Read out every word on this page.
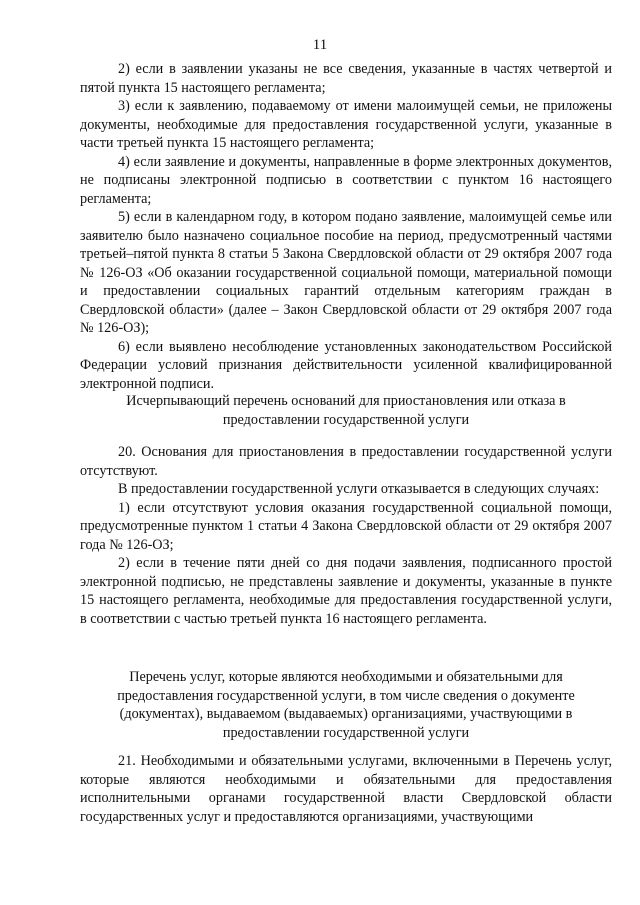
11

2) если в заявлении указаны не все сведения, указанные в частях четвертой и пятой пункта 15 настоящего регламента;

3) если к заявлению, подаваемому от имени малоимущей семьи, не приложены документы, необходимые для предоставления государственной услуги, указанные в части третьей пункта 15 настоящего регламента;

4) если заявление и документы, направленные в форме электронных документов, не подписаны электронной подписью в соответствии с пунктом 16 настоящего регламента;

5) если в календарном году, в котором подано заявление, малоимущей семье или заявителю было назначено социальное пособие на период, предусмотренный частями третьей–пятой пункта 8 статьи 5 Закона Свердловской области от 29 октября 2007 года № 126-ОЗ «Об оказании государственной социальной помощи, материальной помощи и предоставлении социальных гарантий отдельным категориям граждан в Свердловской области» (далее – Закон Свердловской области от 29 октября 2007 года № 126-ОЗ);

6) если выявлено несоблюдение установленных законодательством Российской Федерации условий признания действительности усиленной квалифицированной электронной подписи.

Исчерпывающий перечень оснований для приостановления или отказа в предоставлении государственной услуги

20. Основания для приостановления в предоставлении государственной услуги отсутствуют.

В предоставлении государственной услуги отказывается в следующих случаях:

1) если отсутствуют условия оказания государственной социальной помощи, предусмотренные пунктом 1 статьи 4 Закона Свердловской области от 29 октября 2007 года № 126-ОЗ;

2) если в течение пяти дней со дня подачи заявления, подписанного простой электронной подписью, не представлены заявление и документы, указанные в пункте 15 настоящего регламента, необходимые для предоставления государственной услуги, в соответствии с частью третьей пункта 16 настоящего регламента.

Перечень услуг, которые являются необходимыми и обязательными для предоставления государственной услуги, в том числе сведения о документе (документах), выдаваемом (выдаваемых) организациями, участвующими в предоставлении государственной услуги

21. Необходимыми и обязательными услугами, включенными в Перечень услуг, которые являются необходимыми и обязательными для предоставления исполнительными органами государственной власти Свердловской области государственных услуг и предоставляются организациями, участвующими
